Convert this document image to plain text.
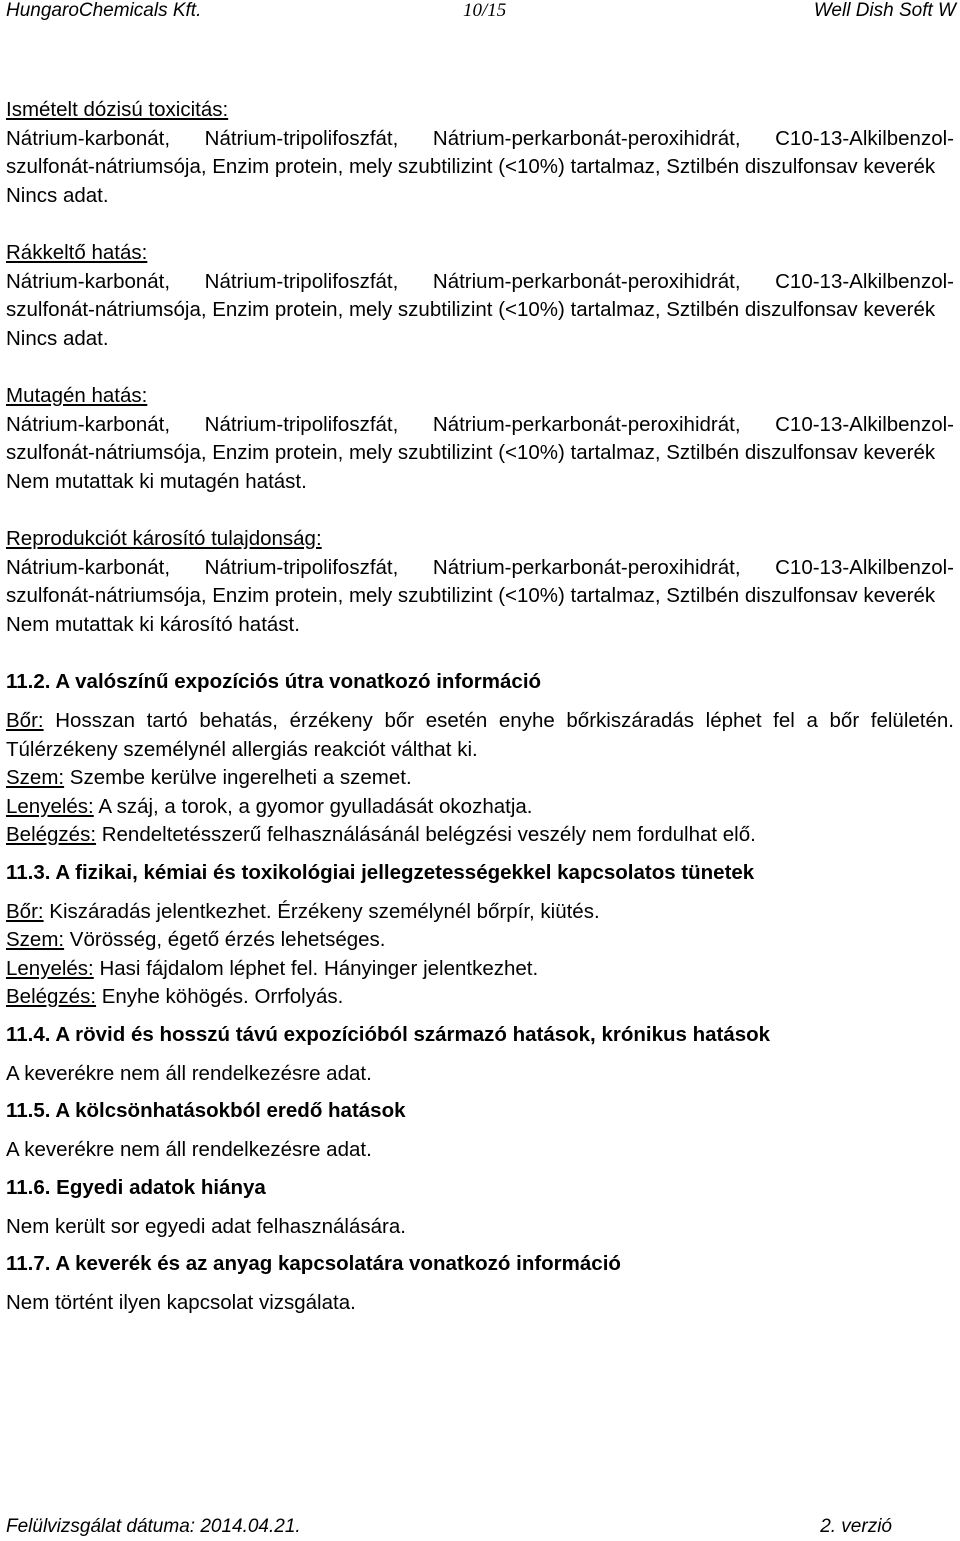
HungaroChemicals Kft.	10/15	Well Dish Soft W
Ismételt dózisú toxicitás:
Nátrium-karbonát, Nátrium-tripolifoszfát, Nátrium-perkarbonát-peroxihidrát, C10-13-Alkilbenzol-szulfonát-nátriumsója, Enzim protein, mely szubtilizint (<10%) tartalmaz, Sztilbén diszulfonsav keverék
Nincs adat.
Rákkeltő hatás:
Nátrium-karbonát, Nátrium-tripolifoszfát, Nátrium-perkarbonát-peroxihidrát, C10-13-Alkilbenzol-szulfonát-nátriumsója, Enzim protein, mely szubtilizint (<10%) tartalmaz, Sztilbén diszulfonsav keverék
Nincs adat.
Mutagén hatás:
Nátrium-karbonát, Nátrium-tripolifoszfát, Nátrium-perkarbonát-peroxihidrát, C10-13-Alkilbenzol-szulfonát-nátriumsója, Enzim protein, mely szubtilizint (<10%) tartalmaz, Sztilbén diszulfonsav keverék
Nem mutattak ki mutagén hatást.
Reprodukciót károsító tulajdonság:
Nátrium-karbonát, Nátrium-tripolifoszfát, Nátrium-perkarbonát-peroxihidrát, C10-13-Alkilbenzol-szulfonát-nátriumsója, Enzim protein, mely szubtilizint (<10%) tartalmaz, Sztilbén diszulfonsav keverék
Nem mutattak ki károsító hatást.
11.2. A valószínű expozíciós útra vonatkozó információ
Bőr: Hosszan tartó behatás, érzékeny bőr esetén enyhe bőrkiszáradás léphet fel a bőr felületén. Túlérzékeny személynél allergiás reakciót válthat ki.
Szem: Szembe kerülve ingerelheti a szemet.
Lenyelés: A száj, a torok, a gyomor gyulladását okozhatja.
Belégzés: Rendeltetésszerű felhasználásánál belégzési veszély nem fordulhat elő.
11.3. A fizikai, kémiai és toxikológiai jellegzetességekkel kapcsolatos tünetek
Bőr: Kiszáradás jelentkezhet. Érzékeny személynél bőrpír, kiütés.
Szem: Vörösség, égető érzés lehetséges.
Lenyelés: Hasi fájdalom léphet fel. Hányinger jelentkezhet.
Belégzés: Enyhe köhögés. Orrfolyás.
11.4. A rövid és hosszú távú expozícióból származó hatások, krónikus hatások
A keverékre nem áll rendelkezésre adat.
11.5. A kölcsönhatásokból eredő hatások
A keverékre nem áll rendelkezésre adat.
11.6. Egyedi adatok hiánya
Nem került sor egyedi adat felhasználására.
11.7. A keverék és az anyag kapcsolatára vonatkozó információ
Nem történt ilyen kapcsolat vizsgálata.
Felülvizsgálat dátuma: 2014.04.21.	2. verzió
